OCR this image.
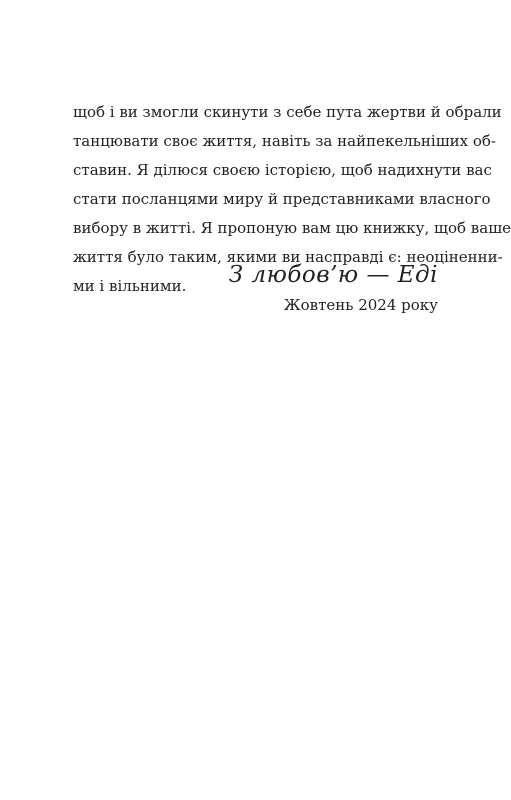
щоб і ви змогли скинути з себе пута жертви й обрали
танцювати своє життя, навіть за найпекельніших об-
ставин. Я ділюся своєю історією, щоб надихнути вас
стати посланцями миру й представниками власного
вибору в житті. Я пропоную вам цю книжку, щоб ваше
життя було таким, якими ви насправді є: неоціненни-
ми і вільними.	З любов’ю — Еді
Жовтень 2024 року
